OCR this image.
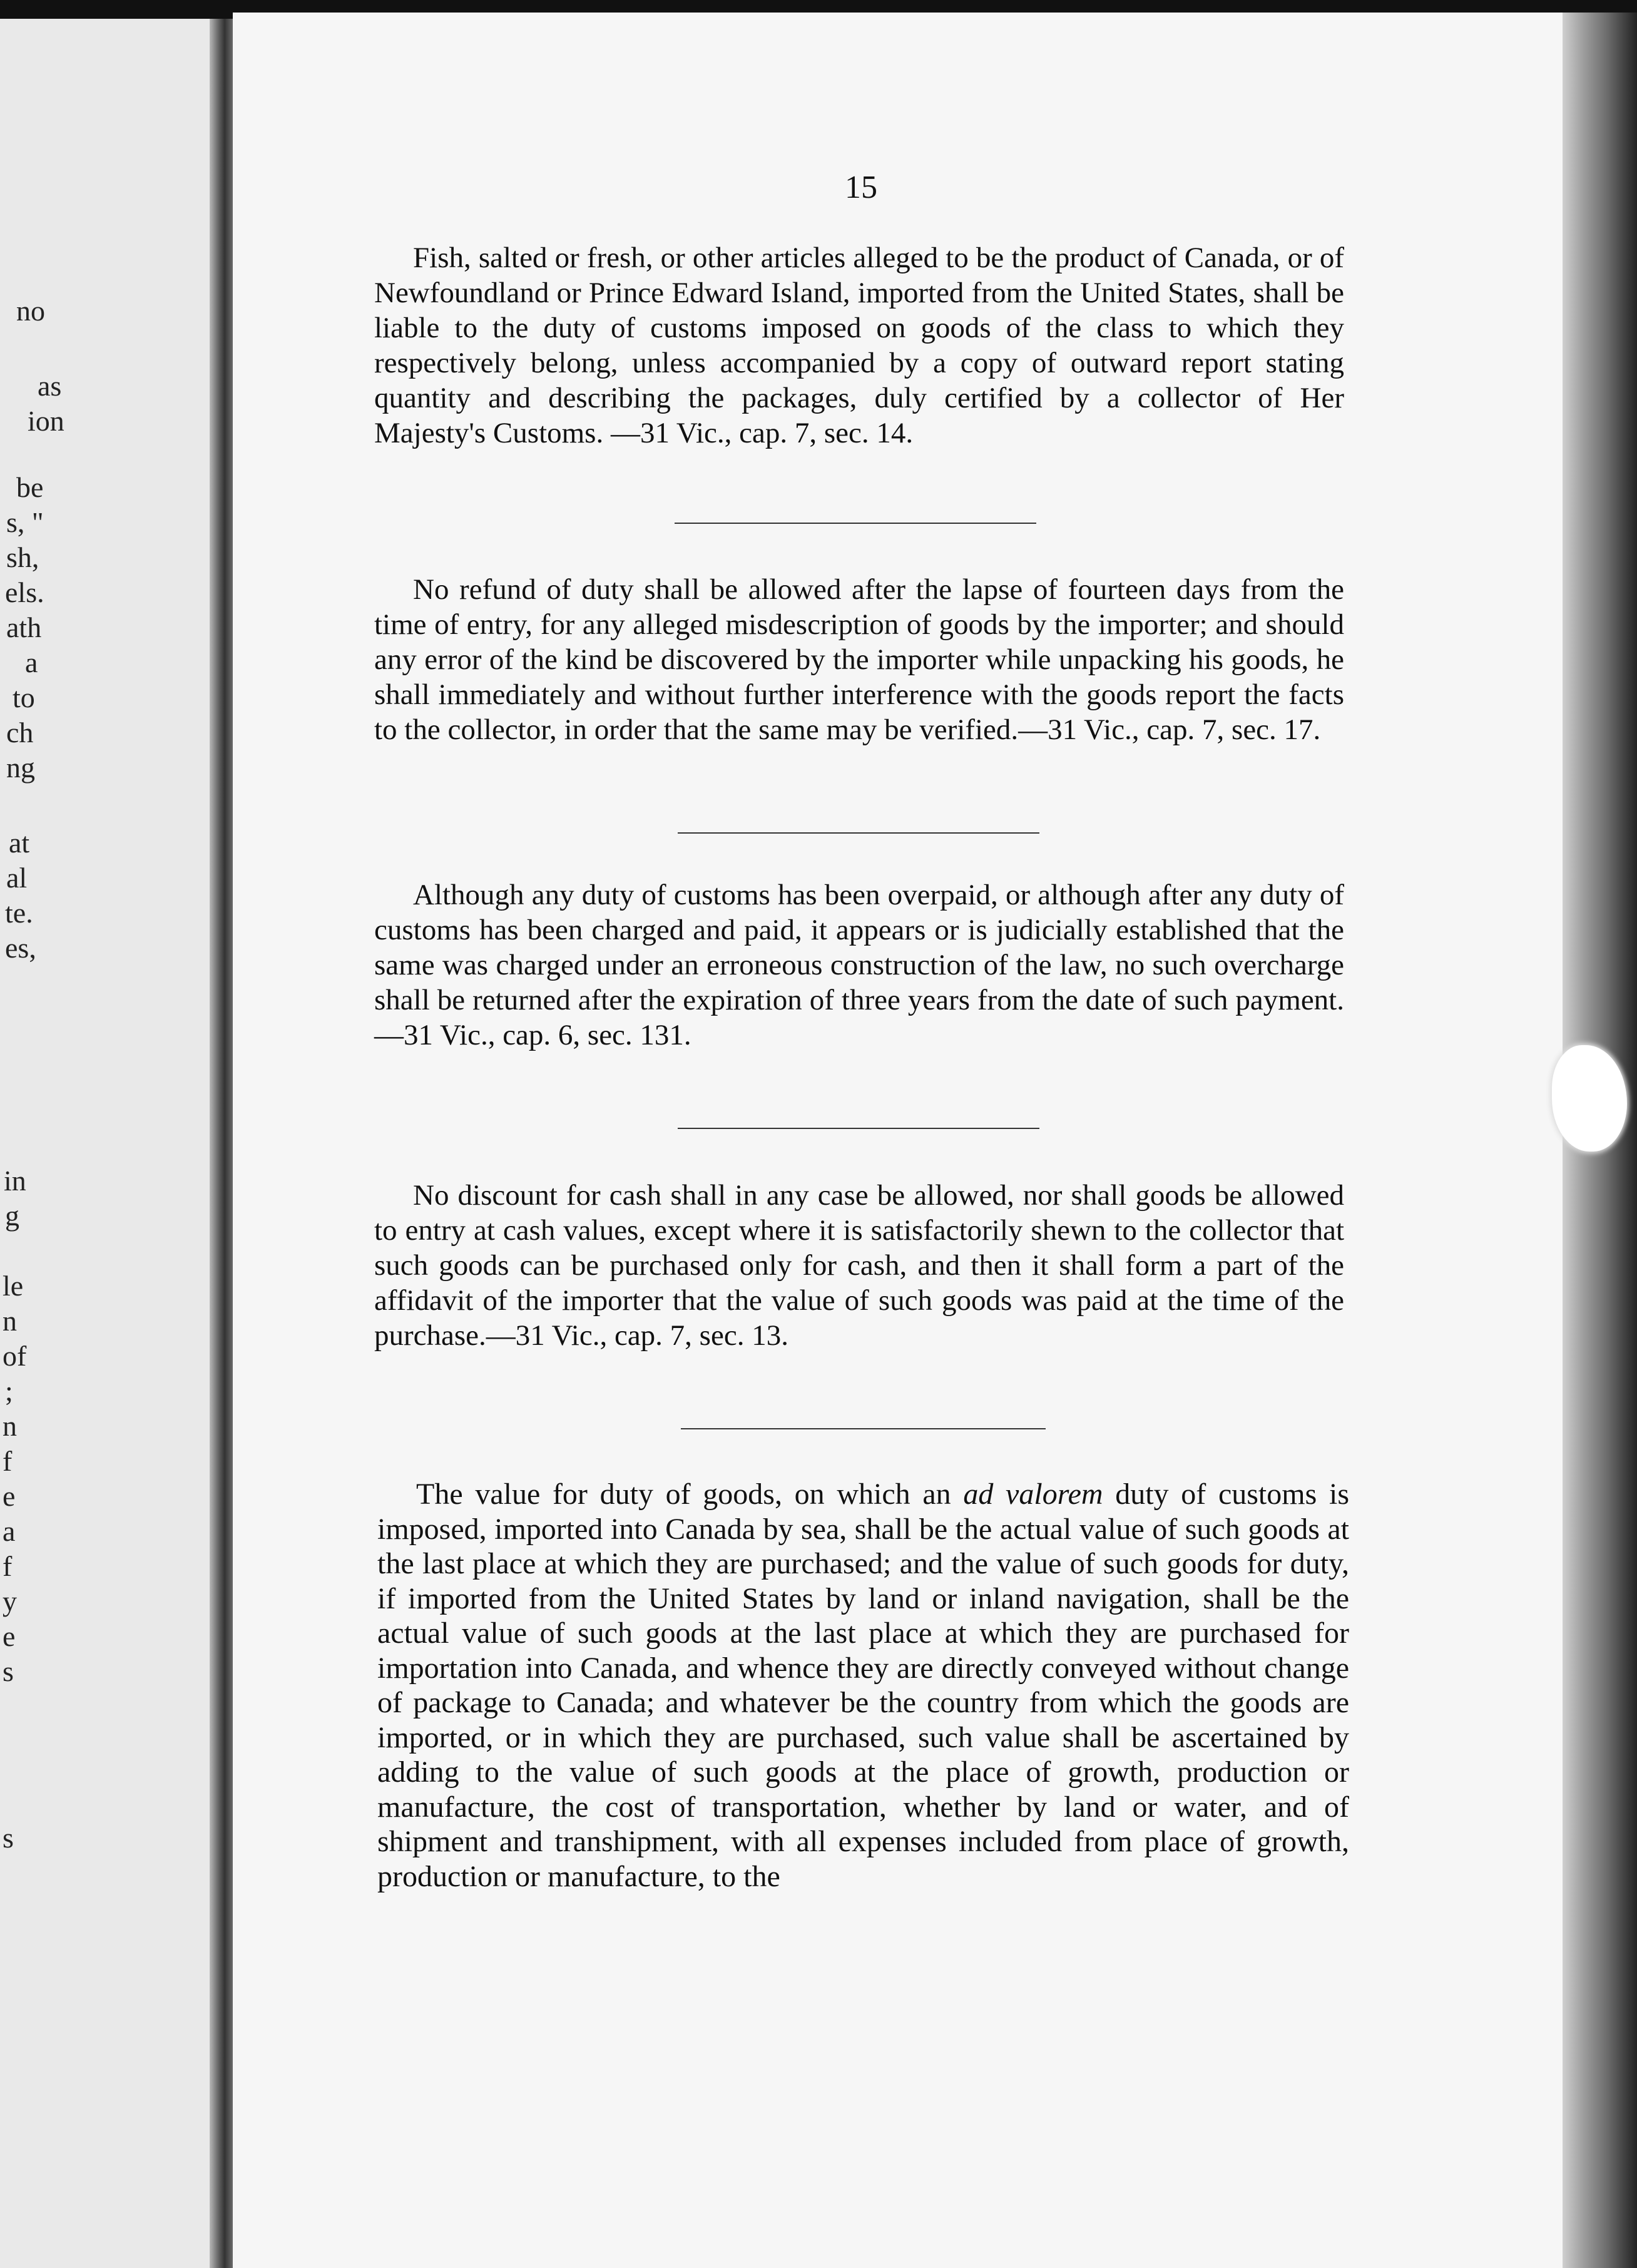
no
as
ion
be
s, "
sh,
els.
ath
a
to
ch
ng
at
al
te.
es,
in
g
le
n
of
;
n
f
e
a
f
y
e
s
s
15

Fish, salted or fresh, or other articles alleged to be the product of Canada, or of Newfoundland or Prince Edward Island, imported from the United States, shall be liable to the duty of customs imposed on goods of the class to which they respectively belong, unless accompanied by a copy of outward report stating quantity and describing the packages, duly certified by a collector of Her Majesty's Customs. —31 Vic., cap. 7, sec. 14.

No refund of duty shall be allowed after the lapse of fourteen days from the time of entry, for any alleged misdescription of goods by the importer; and should any error of the kind be discovered by the importer while unpacking his goods, he shall immediately and without further interference with the goods report the facts to the collector, in order that the same may be verified.—31 Vic., cap. 7, sec. 17.

Although any duty of customs has been overpaid, or although after any duty of customs has been charged and paid, it appears or is judicially established that the same was charged under an erroneous construction of the law, no such overcharge shall be returned after the expiration of three years from the date of such payment.—31 Vic., cap. 6, sec. 131.

No discount for cash shall in any case be allowed, nor shall goods be allowed to entry at cash values, except where it is satisfactorily shewn to the collector that such goods can be purchased only for cash, and then it shall form a part of the affidavit of the importer that the value of such goods was paid at the time of the purchase.—31 Vic., cap. 7, sec. 13.

The value for duty of goods, on which an ad valorem duty of customs is imposed, imported into Canada by sea, shall be the actual value of such goods at the last place at which they are purchased; and the value of such goods for duty, if imported from the United States by land or inland navigation, shall be the actual value of such goods at the last place at which they are purchased for importation into Canada, and whence they are directly conveyed without change of package to Canada; and whatever be the country from which the goods are imported, or in which they are purchased, such value shall be ascertained by adding to the value of such goods at the place of growth, production or manufacture, the cost of transportation, whether by land or water, and of shipment and transhipment, with all expenses included from place of growth, production or manufacture, to the
